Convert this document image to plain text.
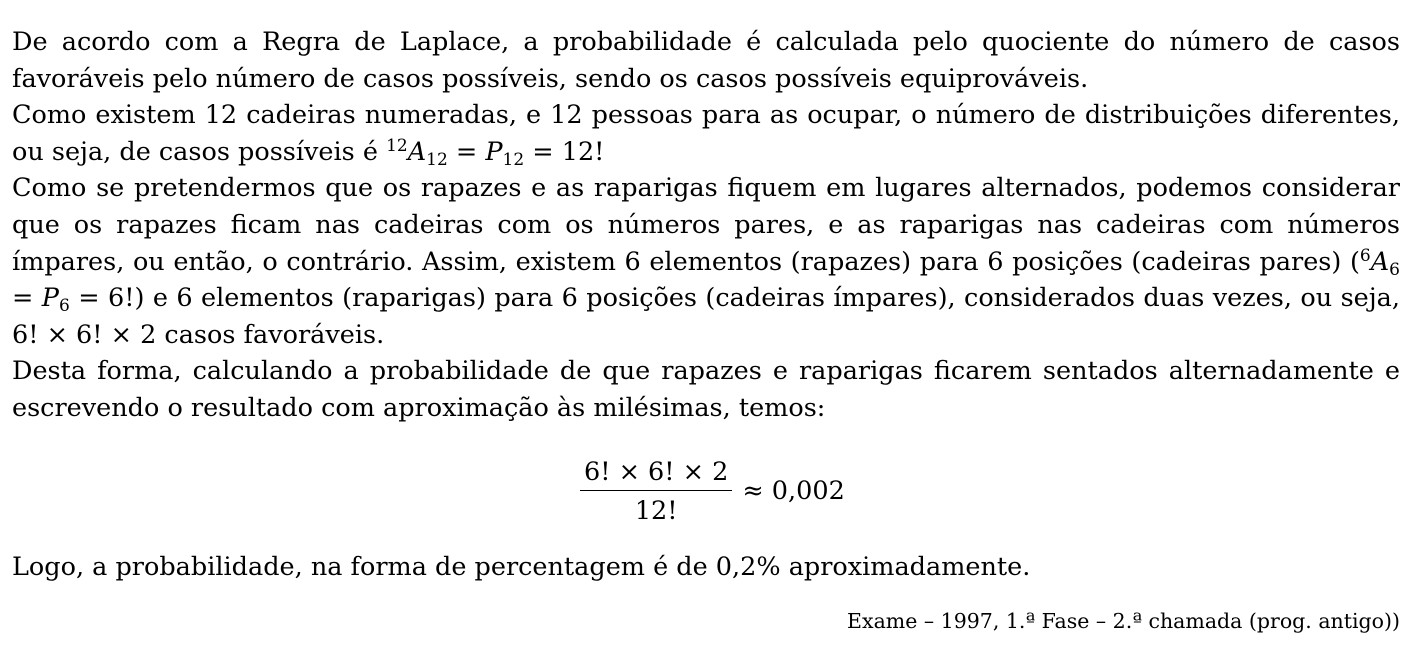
De acordo com a Regra de Laplace, a probabilidade é calculada pelo quociente do número de casos favoráveis pelo número de casos possíveis, sendo os casos possíveis equiprováveis.

Como existem 12 cadeiras numeradas, e 12 pessoas para as ocupar, o número de distribuições diferentes, ou seja, de casos possíveis é $^{12}A_{12} = P_{12} = 12$!

Como se pretendermos que os rapazes e as raparigas fiquem em lugares alternados, podemos considerar que os rapazes ficam nas cadeiras com os números pares, e as raparigas nas cadeiras com números ímpares, ou então, o contrário. Assim, existem 6 elementos (rapazes) para 6 posições (cadeiras pares) $(^6A_6 = P_6 = 6!)$ e 6 elementos (raparigas) para 6 posições (cadeiras ímpares), considerados duas vezes, ou seja, 6! × 6! × 2 casos favoráveis.

Desta forma, calculando a probabilidade de que rapazes e raparigas ficarem sentados alternadamente e escrevendo o resultado com aproximação às milésimas, temos:

$\frac{6! \times 6! \times 2}{12!} \approx 0,002$

Logo, a probabilidade, na forma de percentagem é de 0,2% aproximadamente.

Exame – 1997, 1.ª Fase – 2.ª chamada (prog. antigo))
